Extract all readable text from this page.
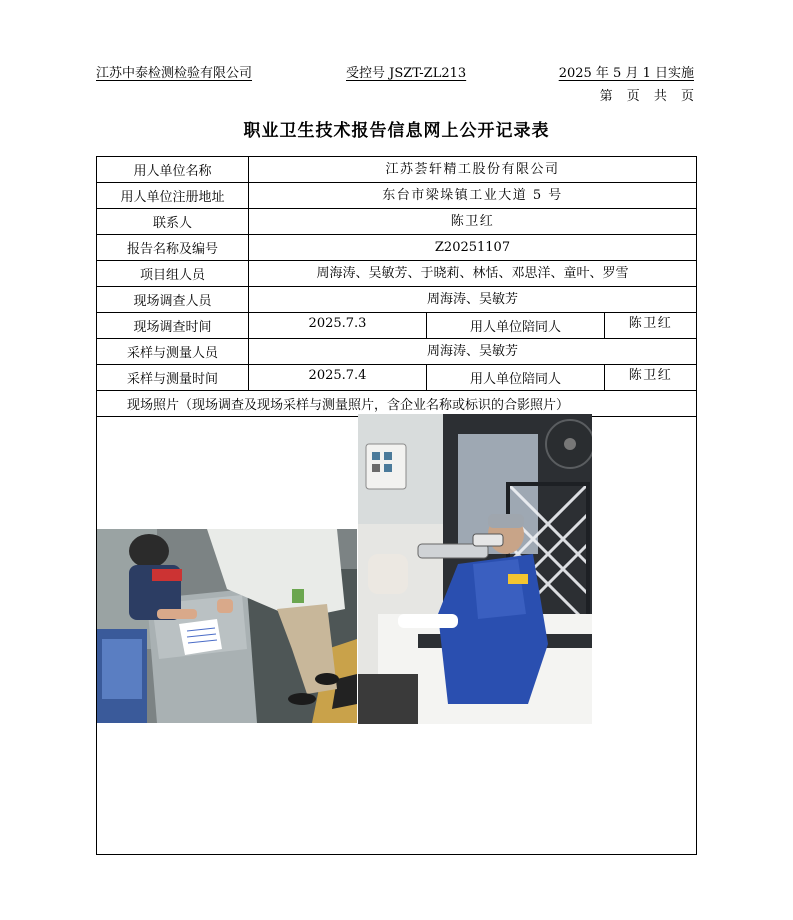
江苏中泰检测检验有限公司	受控号 JSZT-ZL213	2025 年 5 月 1 日实施
第 页 共 页
职业卫生技术报告信息网上公开记录表
用人单位名称	江苏荟轩精工股份有限公司
用人单位注册地址	东台市梁垛镇工业大道 5 号
联系人	陈卫红
报告名称及编号	Z20251107
项目组人员	周海涛、吴敏芳、于晓莉、林恬、邓思洋、童叶、罗雪
现场调查人员	周海涛、吴敏芳
现场调查时间	2025.7.3	用人单位陪同人	陈卫红
采样与测量人员	周海涛、吴敏芳
采样与测量时间	2025.7.4	用人单位陪同人	陈卫红
现场照片（现场调查及现场采样与测量照片，含企业名称或标识的合影照片）
